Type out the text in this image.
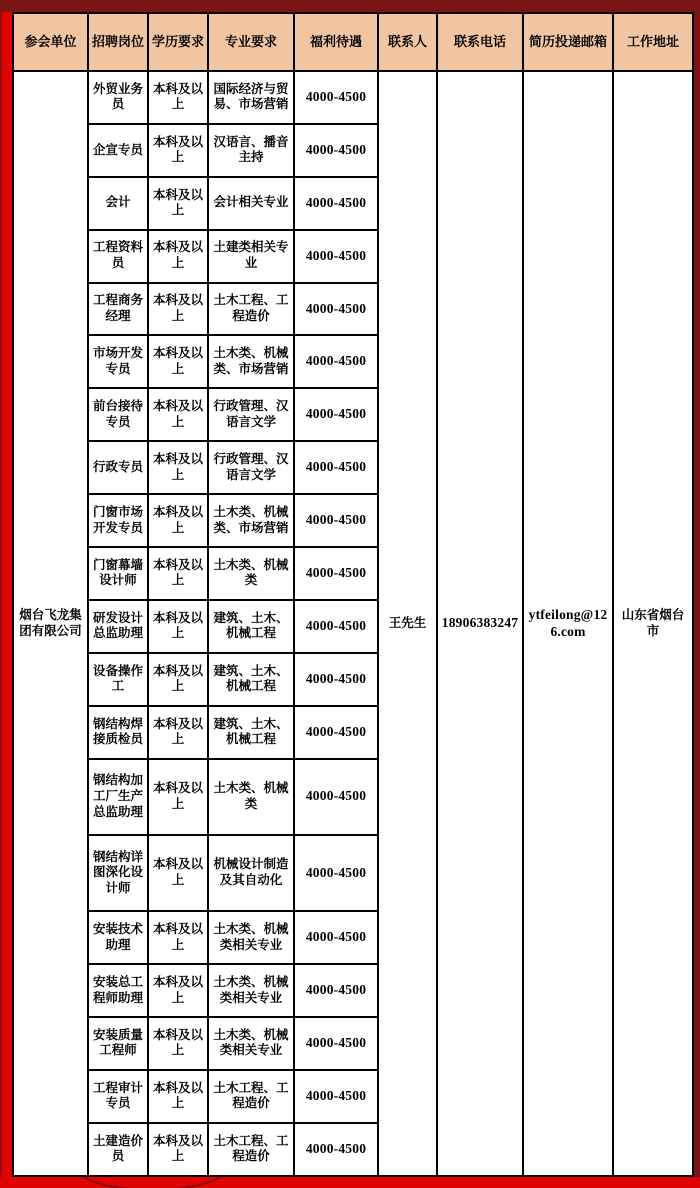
参会单位	招聘岗位	学历要求	专业要求	福利待遇	联系人	联系电话	简历投递邮箱	工作地址
烟台飞龙集团有限公司	外贸业务员	本科及以上	国际经济与贸易、市场营销	4000-4500	王先生	18906383247	ytfeilong@126.com	山东省烟台市
	企宣专员	本科及以上	汉语言、播音主持	4000-4500				
	会计	本科及以上	会计相关专业	4000-4500				
	工程资料员	本科及以上	土建类相关专业	4000-4500				
	工程商务经理	本科及以上	土木工程、工程造价	4000-4500				
	市场开发专员	本科及以上	土木类、机械类、市场营销	4000-4500				
	前台接待专员	本科及以上	行政管理、汉语言文学	4000-4500				
	行政专员	本科及以上	行政管理、汉语言文学	4000-4500				
	门窗市场开发专员	本科及以上	土木类、机械类、市场营销	4000-4500				
	门窗幕墙设计师	本科及以上	土木类、机械类	4000-4500				
	研发设计总监助理	本科及以上	建筑、土木、机械工程	4000-4500				
	设备操作工	本科及以上	建筑、土木、机械工程	4000-4500				
	钢结构焊接质检员	本科及以上	建筑、土木、机械工程	4000-4500				
	钢结构加工厂生产总监助理	本科及以上	土木类、机械类	4000-4500				
	钢结构详图深化设计师	本科及以上	机械设计制造及其自动化	4000-4500				
	安装技术助理	本科及以上	土木类、机械类相关专业	4000-4500				
	安装总工程师助理	本科及以上	土木类、机械类相关专业	4000-4500				
	安装质量工程师	本科及以上	土木类、机械类相关专业	4000-4500				
	工程审计专员	本科及以上	土木工程、工程造价	4000-4500				
	土建造价员	本科及以上	土木工程、工程造价	4000-4500				
